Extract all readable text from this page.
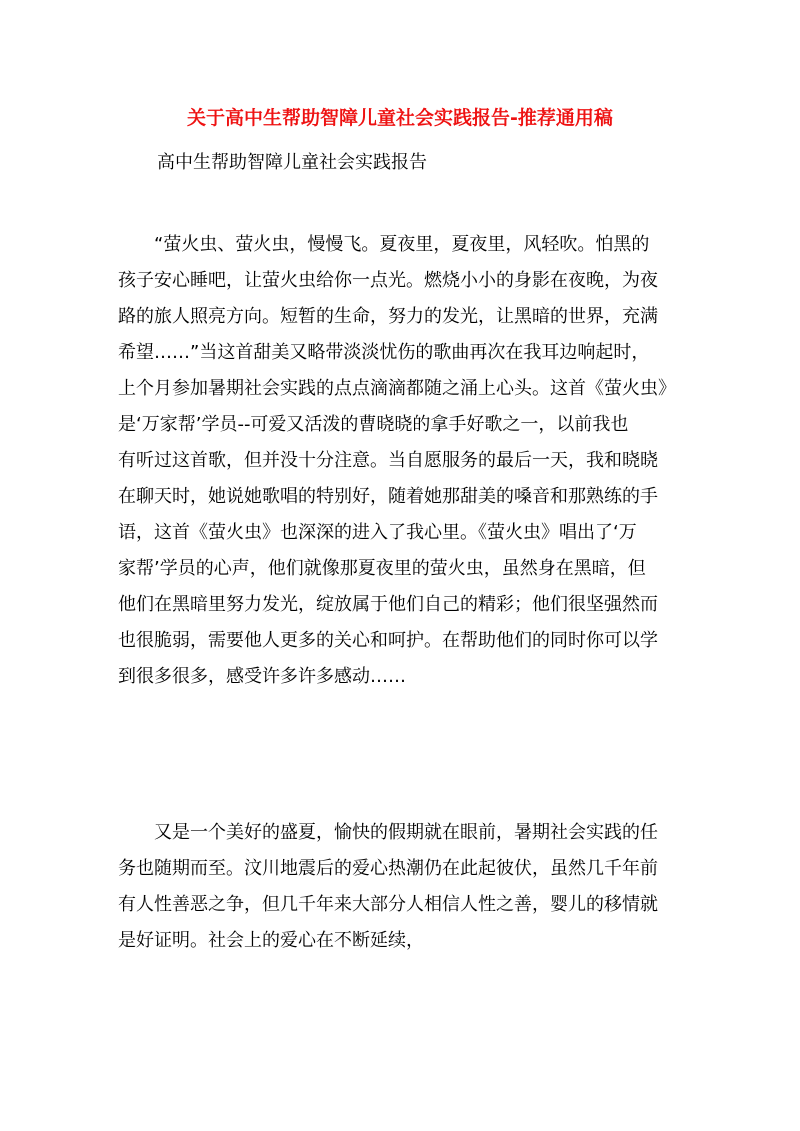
关于高中生帮助智障儿童社会实践报告-推荐通用稿
高中生帮助智障儿童社会实践报告
　　“萤火虫、萤火虫，慢慢飞。夏夜里，夏夜里，风轻吹。怕黑的
孩子安心睡吧，让萤火虫给你一点光。燃烧小小的身影在夜晚，为夜
路的旅人照亮方向。短暂的生命，努力的发光，让黑暗的世界，充满
希望……”当这首甜美又略带淡淡忧伤的歌曲再次在我耳边响起时，
上个月参加暑期社会实践的点点滴滴都随之涌上心头。这首《萤火虫》
是‘万家帮’学员--可爱又活泼的曹晓晓的拿手好歌之一，以前我也
有听过这首歌，但并没十分注意。当自愿服务的最后一天，我和晓晓
在聊天时，她说她歌唱的特别好，随着她那甜美的嗓音和那熟练的手
语，这首《萤火虫》也深深的进入了我心里。《萤火虫》唱出了‘万
家帮’学员的心声，他们就像那夏夜里的萤火虫，虽然身在黑暗，但
他们在黑暗里努力发光，绽放属于他们自己的精彩；他们很坚强然而
也很脆弱，需要他人更多的关心和呵护。在帮助他们的同时你可以学
到很多很多，感受许多许多感动……
　　又是一个美好的盛夏，愉快的假期就在眼前，暑期社会实践的任
务也随期而至。汶川地震后的爱心热潮仍在此起彼伏，虽然几千年前
有人性善恶之争，但几千年来大部分人相信人性之善，婴儿的移情就
是好证明。社会上的爱心在不断延续，
